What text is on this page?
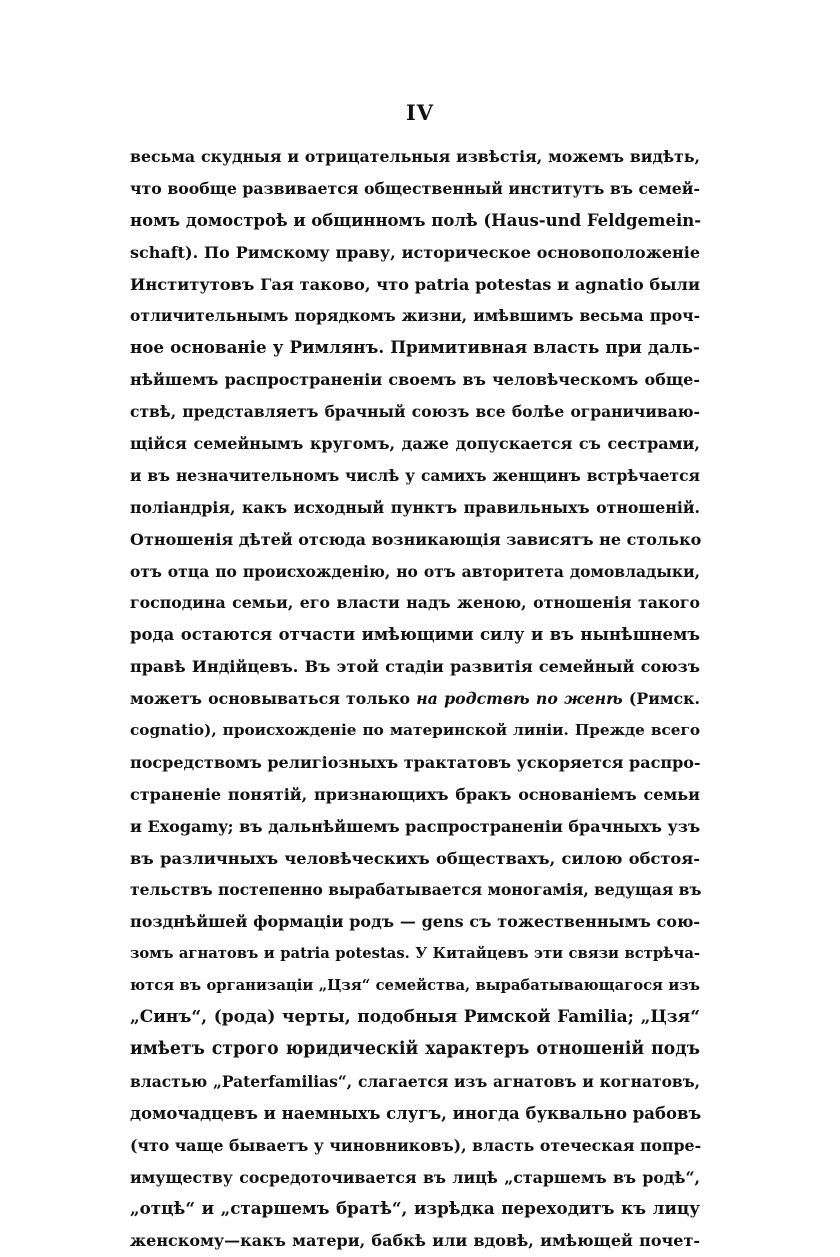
IV
весьма скудныя и отрицательныя извѣстія, можемъ видѣть,
что вообще развивается общественный институтъ въ семей-
номъ домостроѣ и общинномъ полѣ (Haus-und Feldgemein-
schaft). По Римскому праву, историческое основоположеніе
Институтовъ Гая таково, что patria potestas и agnatio были
отличительнымъ порядкомъ жизни, имѣвшимъ весьма проч-
ное основаніе у Римлянъ. Примитивная власть при даль-
нѣйшемъ распространеніи своемъ въ человѣческомъ обще-
ствѣ, представляетъ брачный союзъ все болѣе ограничиваю-
щійся семейнымъ кругомъ, даже допускается съ сестрами,
и въ незначительномъ числѣ у самихъ женщинъ встрѣчается
поліандрія, какъ исходный пунктъ правильныхъ отношеній.
Отношенія дѣтей отсюда возникающія зависятъ не столько
отъ отца по происхожденію, но отъ авторитета домовладыки,
господина семьи, его власти надъ женою, отношенія такого
рода остаются отчасти имѣющими силу и въ нынѣшнемъ
правѣ Индійцевъ. Въ этой стадіи развитія семейный союзъ
можетъ основываться только на родствѣ по женѣ (Римск.
cognatio), происхожденіе по материнской линіи. Прежде всего
посредствомъ религіозныхъ трактатовъ ускоряется распро-
страненіе понятій, признающихъ бракъ основаніемъ семьи
и Exogamy; въ дальнѣйшемъ распространеніи брачныхъ узъ
въ различныхъ человѣческихъ обществахъ, силою обстоя-
тельствъ постепенно вырабатывается моногамія, ведущая въ
позднѣйшей формаціи родъ — gens съ тожественнымъ сою-
зомъ агнатовъ и patria potestas. У Китайцевъ эти связи встрѣча-
ются въ организаціи „Цзя“ семейства, вырабатывающагося изъ
„Синъ“, (рода) черты, подобныя Римской Familia; „Цзя“
имѣетъ строго юридическій характеръ отношеній подъ
властью „Paterfamilias“, слагается изъ агнатовъ и когнатовъ,
домочадцевъ и наемныхъ слугъ, иногда буквально рабовъ
(что чаще бываетъ у чиновниковъ), власть отеческая попре-
имуществу сосредоточивается въ лицѣ „старшемъ въ родѣ“,
„отцѣ“ и „старшемъ братѣ“, изрѣдка переходитъ къ лицу
женскому—какъ матери, бабкѣ или вдовѣ, имѣющей почет-
